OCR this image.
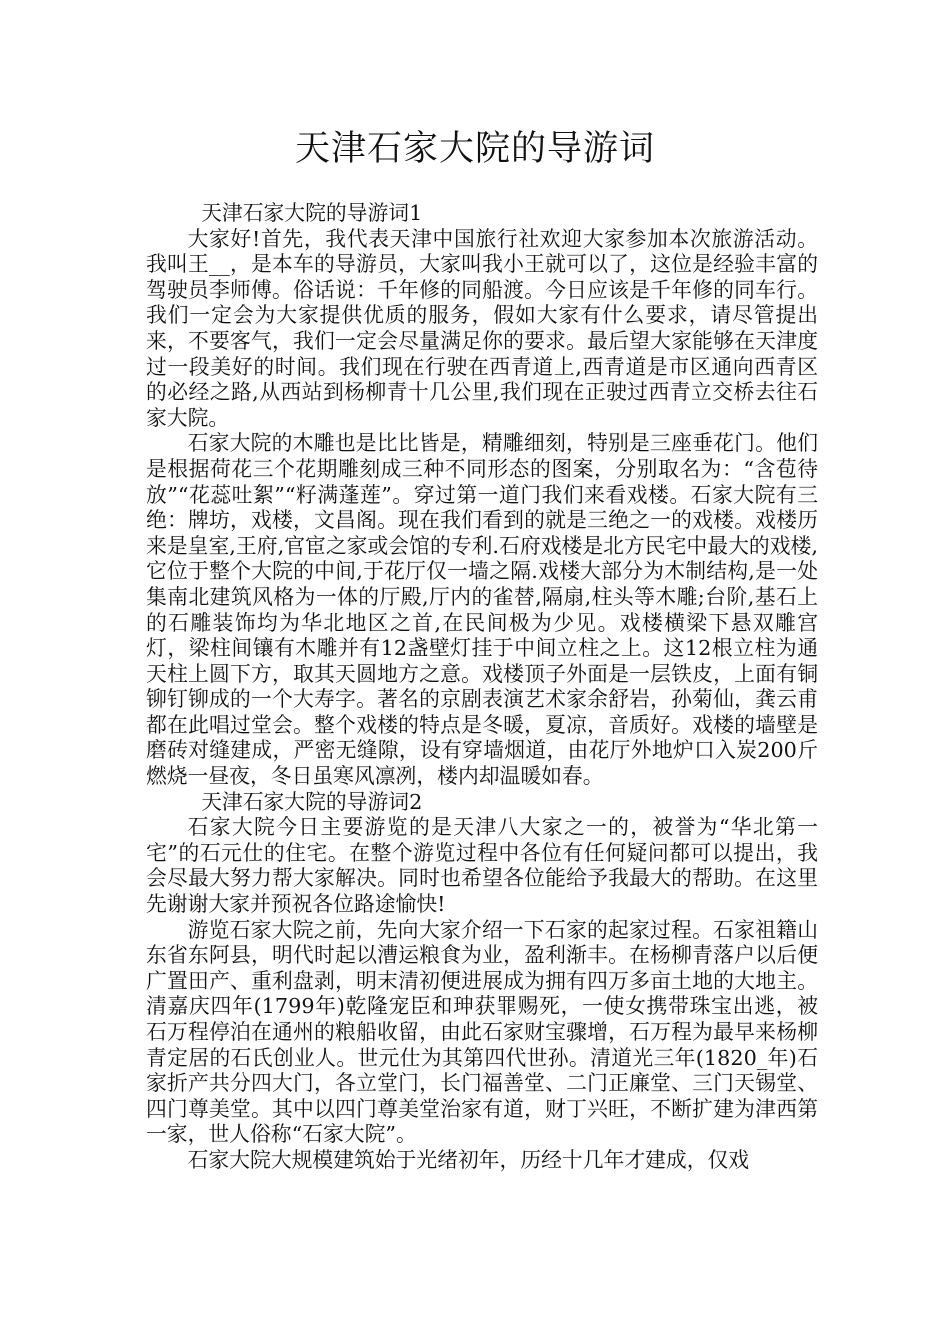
天津石家大院的导游词

天津石家大院的导游词1

大家好!首先，我代表天津中国旅行社欢迎大家参加本次旅游活动。我叫王__，是本车的导游员，大家叫我小王就可以了，这位是经验丰富的驾驶员李师傅。俗话说：千年修的同船渡。今日应该是千年修的同车行。我们一定会为大家提供优质的服务，假如大家有什么要求，请尽管提出来，不要客气，我们一定会尽量满足你的要求。最后望大家能够在天津度过一段美好的时间。我们现在行驶在西青道上,西青道是市区通向西青区的必经之路,从西站到杨柳青十几公里,我们现在正驶过西青立交桥去往石家大院。

石家大院的木雕也是比比皆是，精雕细刻，特别是三座垂花门。他们是根据荷花三个花期雕刻成三种不同形态的图案，分别取名为：“含苞待放”“花蕊吐絮”“籽满蓬莲”。穿过第一道门我们来看戏楼。石家大院有三绝：牌坊，戏楼，文昌阁。现在我们看到的就是三绝之一的戏楼。戏楼历来是皇室,王府,官宦之家或会馆的专利.石府戏楼是北方民宅中最大的戏楼,它位于整个大院的中间,于花厅仅一墙之隔.戏楼大部分为木制结构,是一处集南北建筑风格为一体的厅殿,厅内的雀替,隔扇,柱头等木雕;台阶,基石上的石雕装饰均为华北地区之首,在民间极为少见。戏楼横梁下悬双雕宫灯，梁柱间镶有木雕并有12盏壁灯挂于中间立柱之上。这12根立柱为通天柱上圆下方，取其天圆地方之意。戏楼顶子外面是一层铁皮，上面有铜铆钉铆成的一个大寿字。著名的京剧表演艺术家余舒岩，孙菊仙，龚云甫都在此唱过堂会。整个戏楼的特点是冬暖，夏凉，音质好。戏楼的墙壁是磨砖对缝建成，严密无缝隙，设有穿墙烟道，由花厅外地炉口入炭200斤燃烧一昼夜，冬日虽寒风凛冽，楼内却温暖如春。

天津石家大院的导游词2

石家大院今日主要游览的是天津八大家之一的，被誉为“华北第一宅”的石元仕的住宅。在整个游览过程中各位有任何疑问都可以提出，我会尽最大努力帮大家解决。同时也希望各位能给予我最大的帮助。在这里先谢谢大家并预祝各位路途愉快!

游览石家大院之前，先向大家介绍一下石家的起家过程。石家祖籍山东省东阿县，明代时起以漕运粮食为业，盈利渐丰。在杨柳青落户以后便广置田产、重利盘剥，明末清初便进展成为拥有四万多亩土地的大地主。清嘉庆四年(1799年)乾隆宠臣和珅获罪赐死，一使女携带珠宝出逃，被石万程停泊在通州的粮船收留，由此石家财宝骤增，石万程为最早来杨柳青定居的石氏创业人。世元仕为其第四代世孙。清道光三年(1820_年)石家折产共分四大门，各立堂门，长门福善堂、二门正廉堂、三门天锡堂、四门尊美堂。其中以四门尊美堂治家有道，财丁兴旺，不断扩建为津西第一家，世人俗称“石家大院”。

石家大院大规模建筑始于光绪初年，历经十几年才建成，仅戏
